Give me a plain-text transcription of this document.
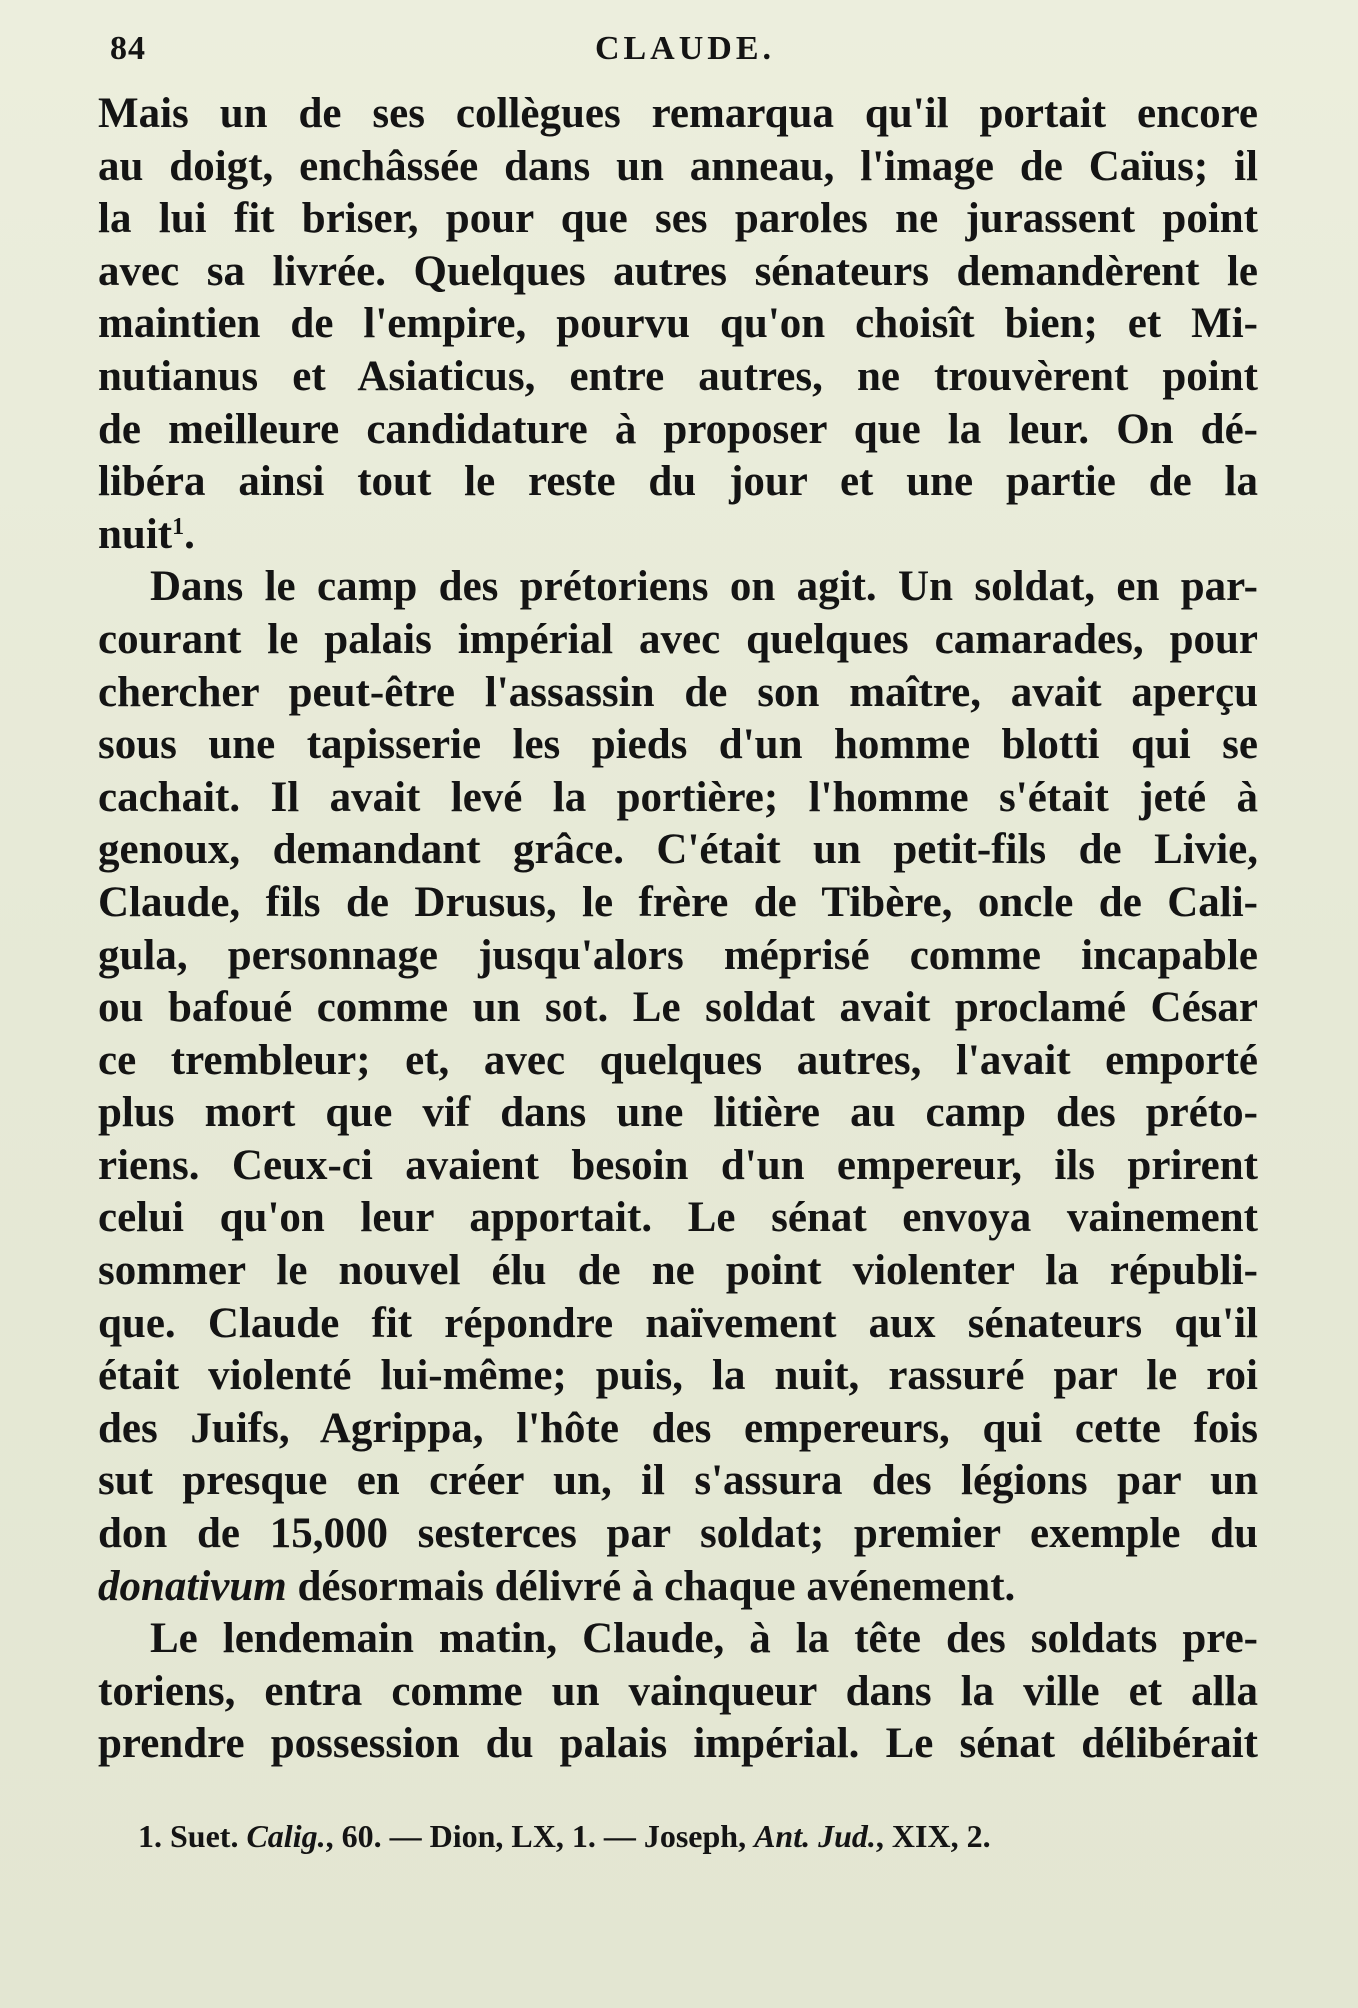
84	CLAUDE.
Mais un de ses collègues remarqua qu'il portait encore
au doigt, enchâssée dans un anneau, l'image de Caïus; il
la lui fit briser, pour que ses paroles ne jurassent point
avec sa livrée. Quelques autres sénateurs demandèrent le
maintien de l'empire, pourvu qu'on choisît bien; et Mi-
nutianus et Asiaticus, entre autres, ne trouvèrent point
de meilleure candidature à proposer que la leur. On dé-
libéra ainsi tout le reste du jour et une partie de la
nuit$^1$.
Dans le camp des prétoriens on agit. Un soldat, en par-
courant le palais impérial avec quelques camarades, pour
chercher peut-être l'assassin de son maître, avait aperçu
sous une tapisserie les pieds d'un homme blotti qui se
cachait. Il avait levé la portière; l'homme s'était jeté à
genoux, demandant grâce. C'était un petit-fils de Livie,
Claude, fils de Drusus, le frère de Tibère, oncle de Cali-
gula, personnage jusqu'alors méprisé comme incapable
ou bafoué comme un sot. Le soldat avait proclamé César
ce trembleur; et, avec quelques autres, l'avait emporté
plus mort que vif dans une litière au camp des préto-
riens. Ceux-ci avaient besoin d'un empereur, ils prirent
celui qu'on leur apportait. Le sénat envoya vainement
sommer le nouvel élu de ne point violenter la républi-
que. Claude fit répondre naïvement aux sénateurs qu'il
était violenté lui-même; puis, la nuit, rassuré par le roi
des Juifs, Agrippa, l'hôte des empereurs, qui cette fois
sut presque en créer un, il s'assura des légions par un
don de 15,000 sesterces par soldat; premier exemple du
donativum désormais délivré à chaque avénement.
Le lendemain matin, Claude, à la tête des soldats pre-
toriens, entra comme un vainqueur dans la ville et alla
prendre possession du palais impérial. Le sénat délibérait
1. Suet. Calig., 60. — Dion, LX, 1. — Joseph, Ant. Jud., XIX, 2.
